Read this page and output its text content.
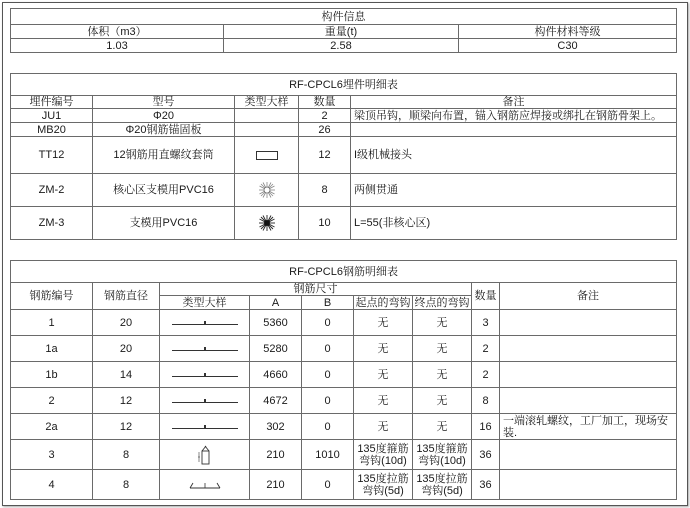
构件信息		
体积（m3）	重量(t)	构件材料等级
1.03	2.58	C30
RF-CPCL6埋件明细表				
埋件编号	型号	类型大样	数量	备注
JU1	Φ20		2	梁顶吊钩，顺梁向布置，锚入钢筋应焊接或绑扎在钢筋骨架上。
MB20	Φ20钢筋锚固板		26	
TT12	12钢筋用直螺纹套筒		12	I级机械接头
ZM-2	核心区支模用PVC16		8	两侧贯通
ZM-3	支模用PVC16		10	L=55(非核心区)
RF-CPCL6钢筋明细表								
钢筋编号	钢筋直径	钢筋尺寸					数量	备注
		类型大样	A	B	起点的弯钩	终点的弯钩		
1	20		5360	0	无	无	3	
1a	20		5280	0	无	无	2	
1b	14		4660	0	无	无	2	
2	12		4672	0	无	无	8	
2a	12		302	0	无	无	16	一端滚轧螺纹，工厂加工，现场安装.
3	8		210	1010	135度箍筋弯钩(10d)	135度箍筋弯钩(10d)	36	
4	8		210	0	135度拉筋弯钩(5d)	135度拉筋弯钩(5d)	36	
